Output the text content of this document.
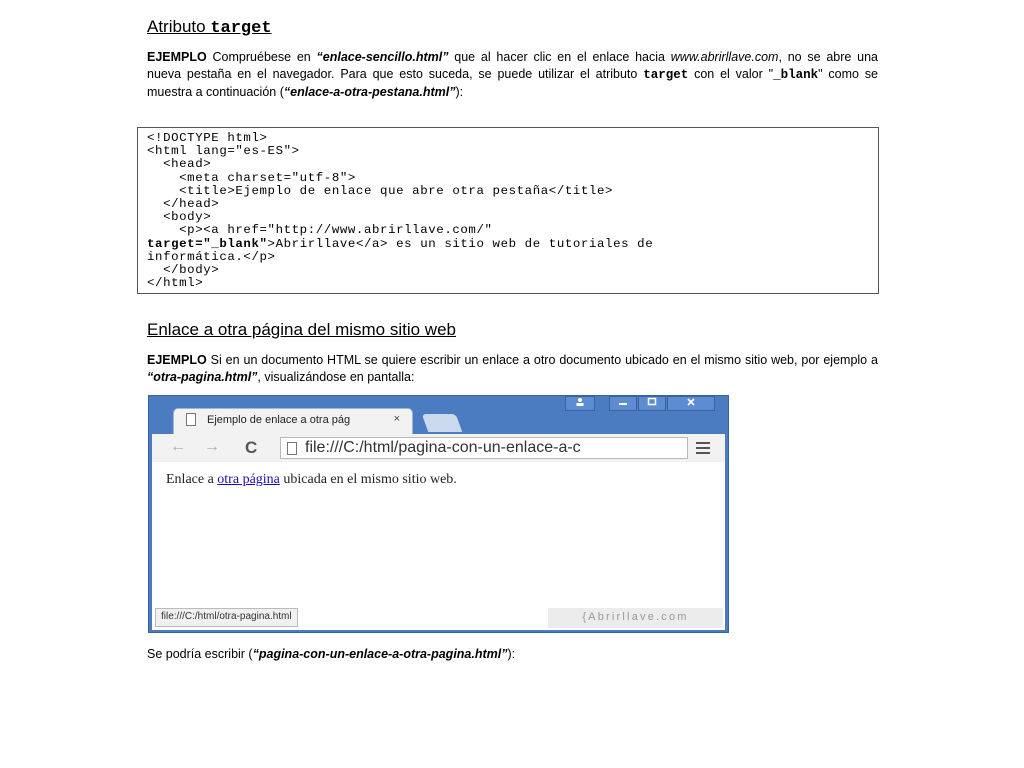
Atributo target
EJEMPLO Compruébese en “enlace-sencillo.html” que al hacer clic en el enlace hacia www.abrirllave.com, no se abre una nueva pestaña en el navegador. Para que esto suceda, se puede utilizar el atributo target con el valor "_blank" como se muestra a continuación (“enlace-a-otra-pestana.html”):
<!DOCTYPE html>
<html lang="es-ES">
<head>
<meta charset="utf-8">
<title>Ejemplo de enlace que abre otra pestaña</title>
</head>
<body>
<p><a href="http://www.abrirllave.com/"
target="_blank">Abrirllave</a> es un sitio web de tutoriales de
informática.</p>
</body>
</html>
Enlace a otra página del mismo sitio web
EJEMPLO Si en un documento HTML se quiere escribir un enlace a otro documento ubicado en el mismo sitio web, por ejemplo a “otra-pagina.html”, visualizándose en pantalla:
Ejemplo de enlace a otra pág	×
← → C	file:///C:/html/pagina-con-un-enlace-a-c
Enlace a otra página ubicada en el mismo sitio web.
file:///C:/html/otra-pagina.html	{Abrirllave.com
Se podría escribir (“pagina-con-un-enlace-a-otra-pagina.html”):
